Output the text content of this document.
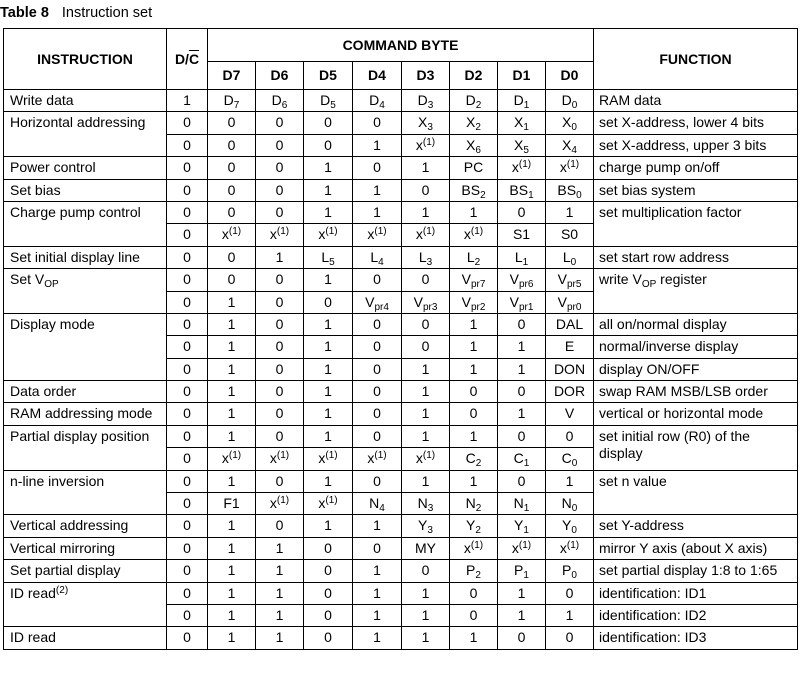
Table 8 Instruction set
INSTRUCTION	$D/\overline{C}$	COMMAND BYTE								FUNCTION
		D7	D6	D5	D4	D3	D2	D1	D0	
Write data	1	$D_7$	$D_6$	$D_5$	$D_4$	$D_3$	$D_2$	$D_1$	$D_0$	RAM data
Horizontal addressing	0	0	0	0	0	$X_3$	$X_2$	$X_1$	$X_0$	set X-address, lower 4 bits
	0	0	0	0	1	$x^{(1)}$	$X_6$	$X_5$	$X_4$	set X-address, upper 3 bits
Power control	0	0	0	1	0	1	PC	$x^{(1)}$	$x^{(1)}$	charge pump on/off
Set bias	0	0	0	1	1	0	$BS_2$	$BS_1$	$BS_0$	set bias system
Charge pump control	0	0	0	1	1	1	1	0	1	set multiplication factor
	0	$x^{(1)}$	$x^{(1)}$	$x^{(1)}$	$x^{(1)}$	$x^{(1)}$	$x^{(1)}$	S1	S0	
Set initial display line	0	0	1	$L_5$	$L_4$	$L_3$	$L_2$	$L_1$	$L_0$	set start row address
Set $V_{OP}$	0	0	0	1	0	0	$V_{pr7}$	$V_{pr6}$	$V_{pr5}$	write $V_{OP}$ register
	0	1	0	0	$V_{pr4}$	$V_{pr3}$	$V_{pr2}$	$V_{pr1}$	$V_{pr0}$
Display mode	0	1	0	1	0	0	1	0	DAL	all on/normal display
	0	1	0	1	0	0	1	1	E	normal/inverse display
	0	1	0	1	0	1	1	1	DON	display ON/OFF
Data order	0	1	0	1	0	1	0	0	DOR	swap RAM MSB/LSB order
RAM addressing mode	0	1	0	1	0	1	0	1	V	vertical or horizontal mode
Partial display position	0	1	0	1	0	1	1	0	0	set initial row (R0) of the
display
	0	$x^{(1)}$	$x^{(1)}$	$x^{(1)}$	$x^{(1)}$	$x^{(1)}$	$C_2$	$C_1$	$C_0$
n-line inversion	0	1	0	1	0	1	1	0	1	set n value
	0	F1	$x^{(1)}$	$x^{(1)}$	$N_4$	$N_3$	$N_2$	$N_1$	$N_0$
Vertical addressing	0	1	0	1	1	$Y_3$	$Y_2$	$Y_1$	$Y_0$	set Y-address
Vertical mirroring	0	1	1	0	0	MY	$x^{(1)}$	$x^{(1)}$	$x^{(1)}$	mirror Y axis (about X axis)
Set partial display	0	1	1	0	1	0	$P_2$	$P_1$	$P_0$	set partial display 1:8 to 1:65
ID read$^{(2)}$	0	1	1	0	1	1	0	1	0	identification: ID1
	0	1	1	0	1	1	0	1	1	identification: ID2
ID read	0	1	1	0	1	1	1	0	0	identification: ID3
